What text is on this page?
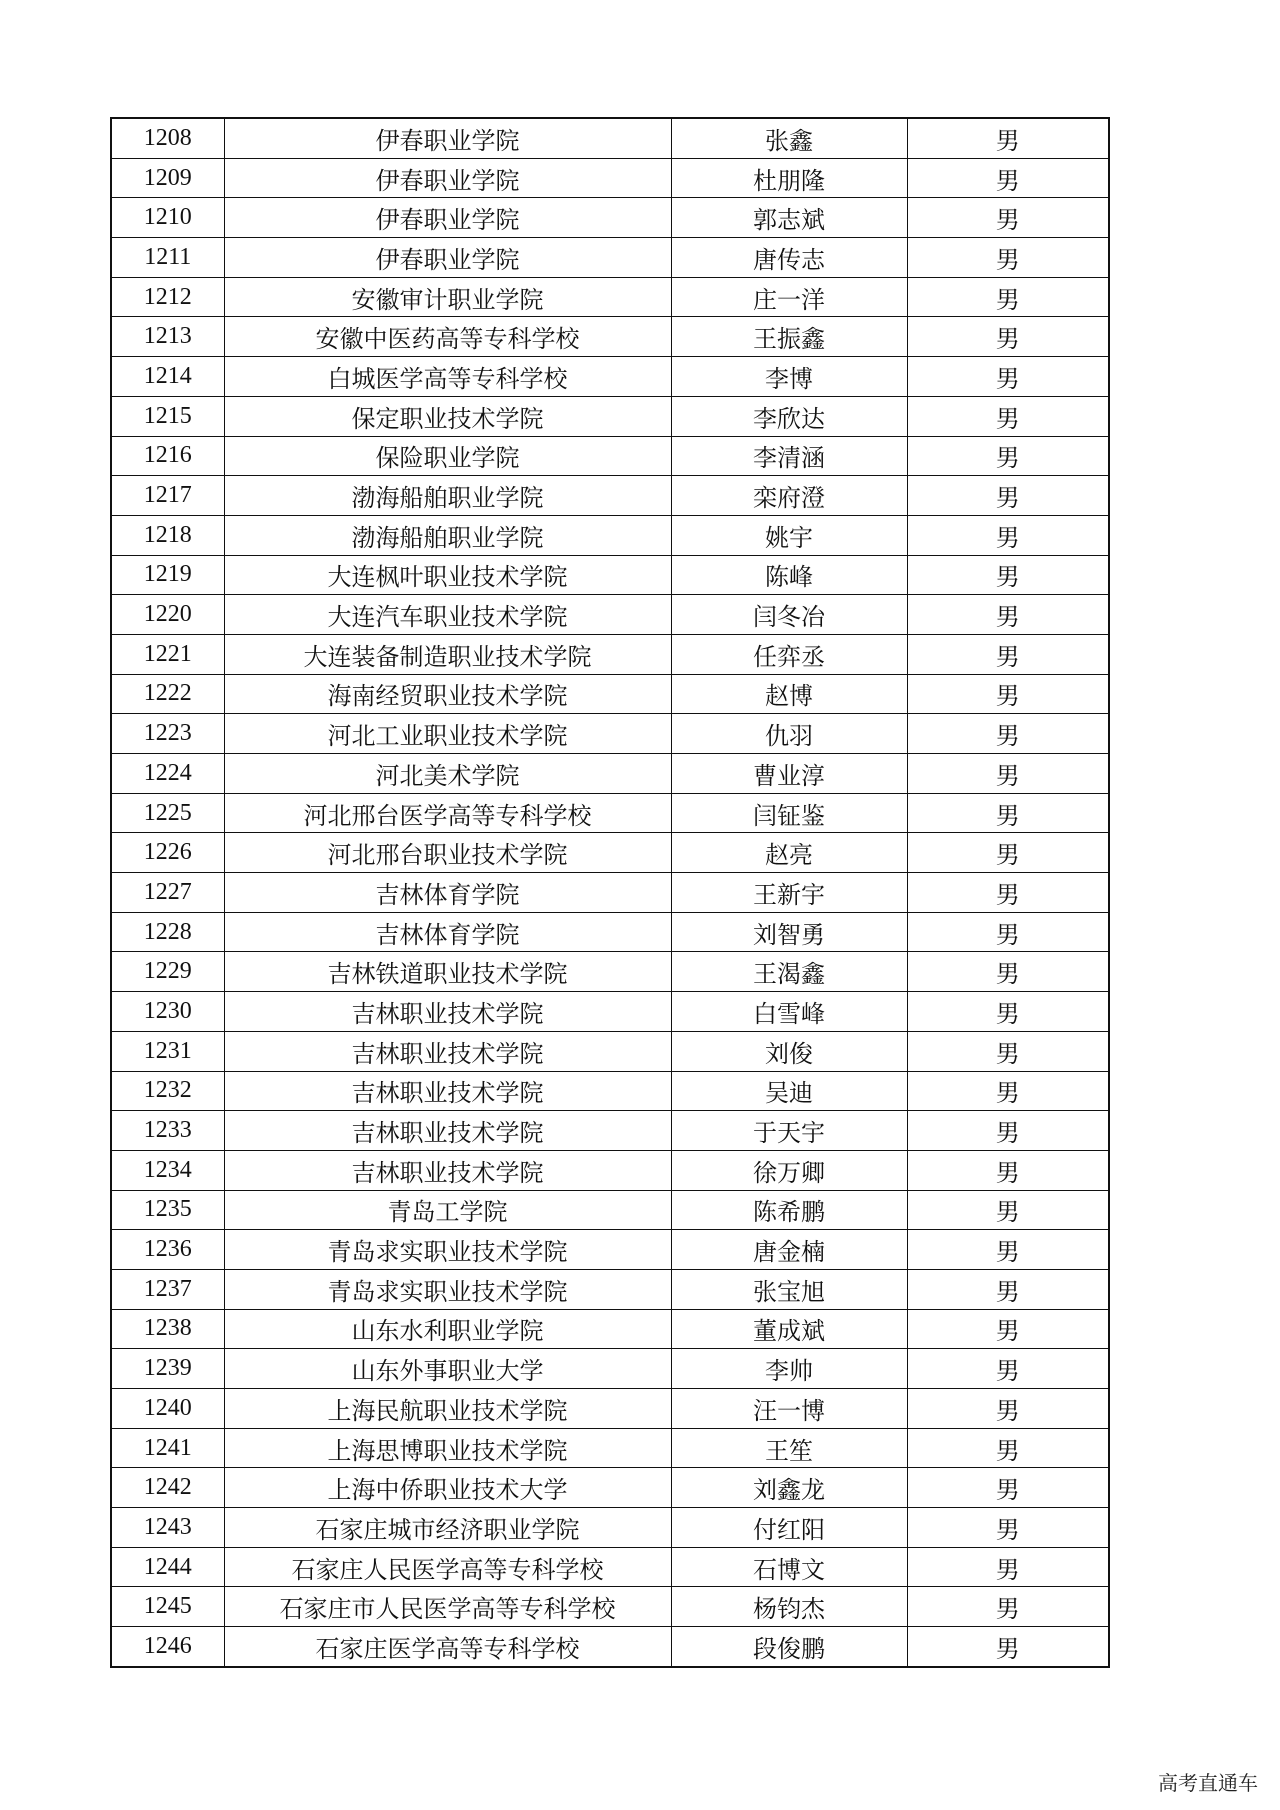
1208	伊春职业学院	张鑫	男
1209	伊春职业学院	杜朋隆	男
1210	伊春职业学院	郭志斌	男
1211	伊春职业学院	唐传志	男
1212	安徽审计职业学院	庄一洋	男
1213	安徽中医药高等专科学校	王振鑫	男
1214	白城医学高等专科学校	李博	男
1215	保定职业技术学院	李欣达	男
1216	保险职业学院	李清涵	男
1217	渤海船舶职业学院	栾府澄	男
1218	渤海船舶职业学院	姚宇	男
1219	大连枫叶职业技术学院	陈峰	男
1220	大连汽车职业技术学院	闫冬冶	男
1221	大连装备制造职业技术学院	任弈丞	男
1222	海南经贸职业技术学院	赵博	男
1223	河北工业职业技术学院	仇羽	男
1224	河北美术学院	曹业淳	男
1225	河北邢台医学高等专科学校	闫钲鉴	男
1226	河北邢台职业技术学院	赵亮	男
1227	吉林体育学院	王新宇	男
1228	吉林体育学院	刘智勇	男
1229	吉林铁道职业技术学院	王渴鑫	男
1230	吉林职业技术学院	白雪峰	男
1231	吉林职业技术学院	刘俊	男
1232	吉林职业技术学院	吴迪	男
1233	吉林职业技术学院	于天宇	男
1234	吉林职业技术学院	徐万卿	男
1235	青岛工学院	陈希鹏	男
1236	青岛求实职业技术学院	唐金楠	男
1237	青岛求实职业技术学院	张宝旭	男
1238	山东水利职业学院	董成斌	男
1239	山东外事职业大学	李帅	男
1240	上海民航职业技术学院	汪一博	男
1241	上海思博职业技术学院	王笙	男
1242	上海中侨职业技术大学	刘鑫龙	男
1243	石家庄城市经济职业学院	付红阳	男
1244	石家庄人民医学高等专科学校	石博文	男
1245	石家庄市人民医学高等专科学校	杨钧杰	男
1246	石家庄医学高等专科学校	段俊鹏	男
高考直通车
